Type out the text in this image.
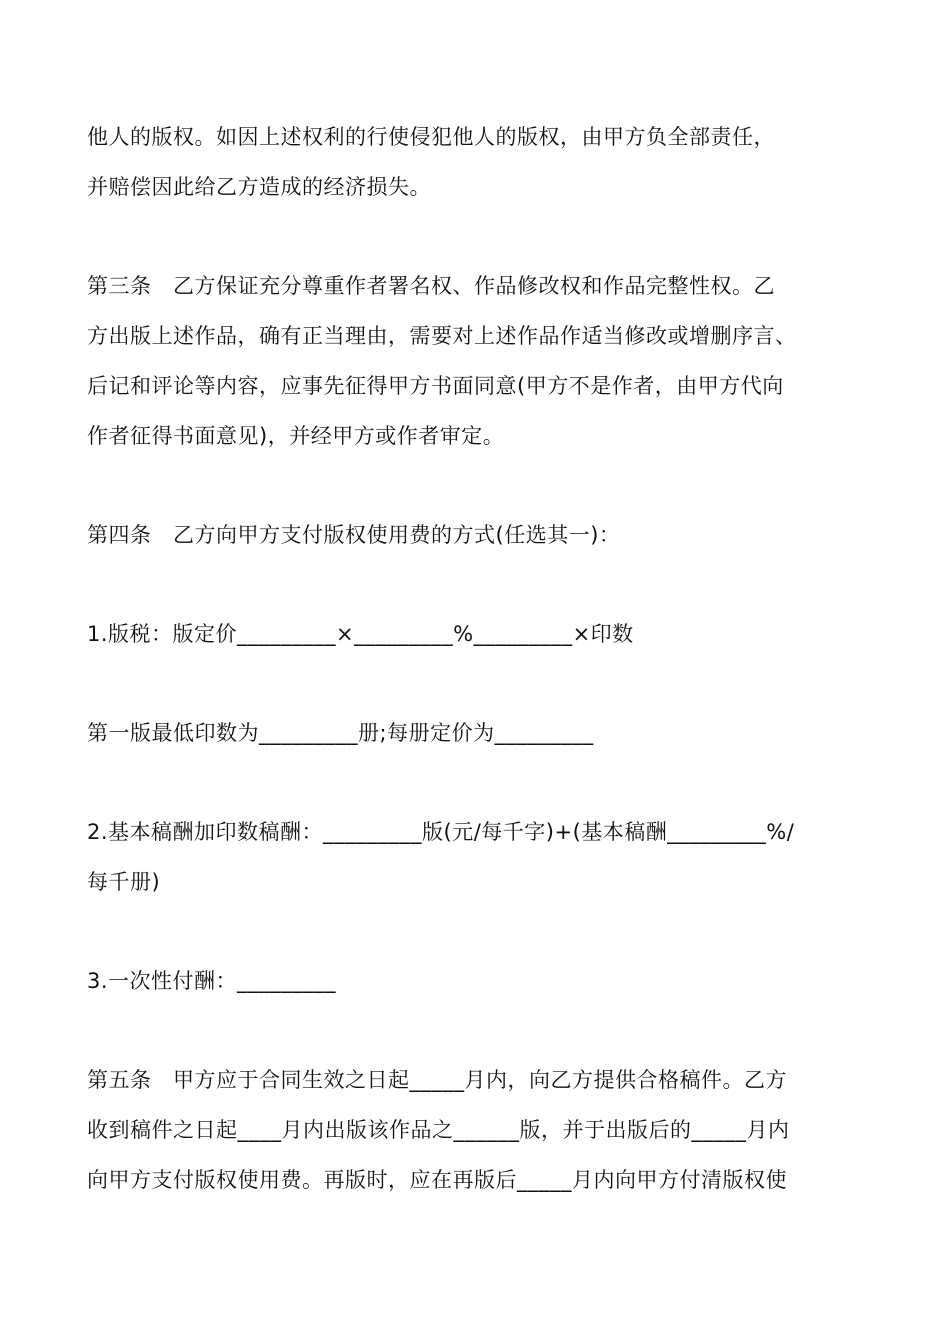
他人的版权。如因上述权利的行使侵犯他人的版权，由甲方负全部责任，
并赔偿因此给乙方造成的经济损失。
第三条　乙方保证充分尊重作者署名权、作品修改权和作品完整性权。乙
方出版上述作品，确有正当理由，需要对上述作品作适当修改或增删序言、
后记和评论等内容，应事先征得甲方书面同意(甲方不是作者，由甲方代向
作者征得书面意见)，并经甲方或作者审定。
第四条　乙方向甲方支付版权使用费的方式(任选其一)：
1.版税：版定价_________×_________%_________×印数
第一版最低印数为_________册;每册定价为_________
2.基本稿酬加印数稿酬：_________版(元/每千字)+(基本稿酬_________%/
每千册)
3.一次性付酬：_________
第五条　甲方应于合同生效之日起_____月内，向乙方提供合格稿件。乙方
收到稿件之日起____月内出版该作品之______版，并于出版后的_____月内
向甲方支付版权使用费。再版时，应在再版后_____月内向甲方付清版权使
